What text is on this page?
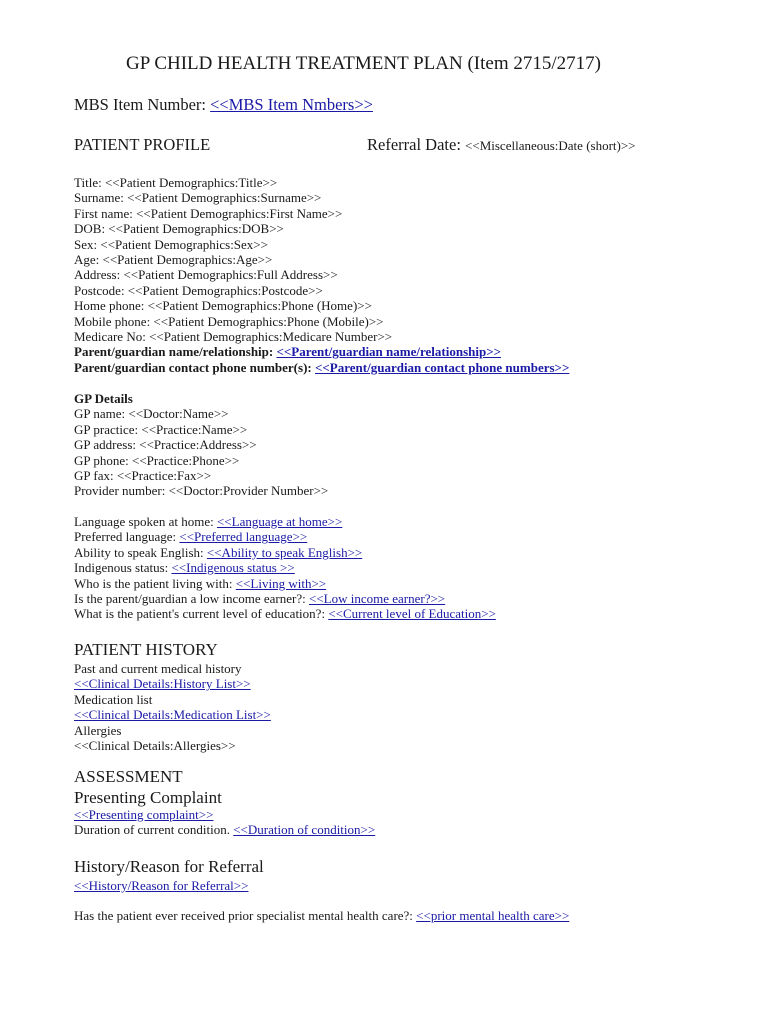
GP CHILD HEALTH TREATMENT PLAN (Item 2715/2717)
MBS Item Number: <<MBS Item Nmbers>>
PATIENT PROFILE	Referral Date: <<Miscellaneous:Date (short)>>
Title: <<Patient Demographics:Title>>
Surname: <<Patient Demographics:Surname>>
First name: <<Patient Demographics:First Name>>
DOB: <<Patient Demographics:DOB>>
Sex: <<Patient Demographics:Sex>>
Age: <<Patient Demographics:Age>>
Address: <<Patient Demographics:Full Address>>
Postcode: <<Patient Demographics:Postcode>>
Home phone: <<Patient Demographics:Phone (Home)>>
Mobile phone: <<Patient Demographics:Phone (Mobile)>>
Medicare No: <<Patient Demographics:Medicare Number>>
Parent/guardian name/relationship: <<Parent/guardian name/relationship>>
Parent/guardian contact phone number(s): <<Parent/guardian contact phone numbers>>
GP Details
GP name: <<Doctor:Name>>
GP practice: <<Practice:Name>>
GP address: <<Practice:Address>>
GP phone: <<Practice:Phone>>
GP fax: <<Practice:Fax>>
Provider number: <<Doctor:Provider Number>>
Language spoken at home: <<Language at home>>
Preferred language: <<Preferred language>>
Ability to speak English: <<Ability to speak English>>
Indigenous status: <<Indigenous status >>
Who is the patient living with: <<Living with>>
Is the parent/guardian a low income earner?: <<Low income earner?>>
What is the patient's current level of education?: <<Current level of Education>>
PATIENT HISTORY
Past and current medical history
<<Clinical Details:History List>>
Medication list
<<Clinical Details:Medication List>>
Allergies
<<Clinical Details:Allergies>>
ASSESSMENT
Presenting Complaint
<<Presenting complaint>>
Duration of current condition. <<Duration of condition>>
History/Reason for Referral
<<History/Reason for Referral>>
Has the patient ever received prior specialist mental health care?: <<prior mental health care>>
